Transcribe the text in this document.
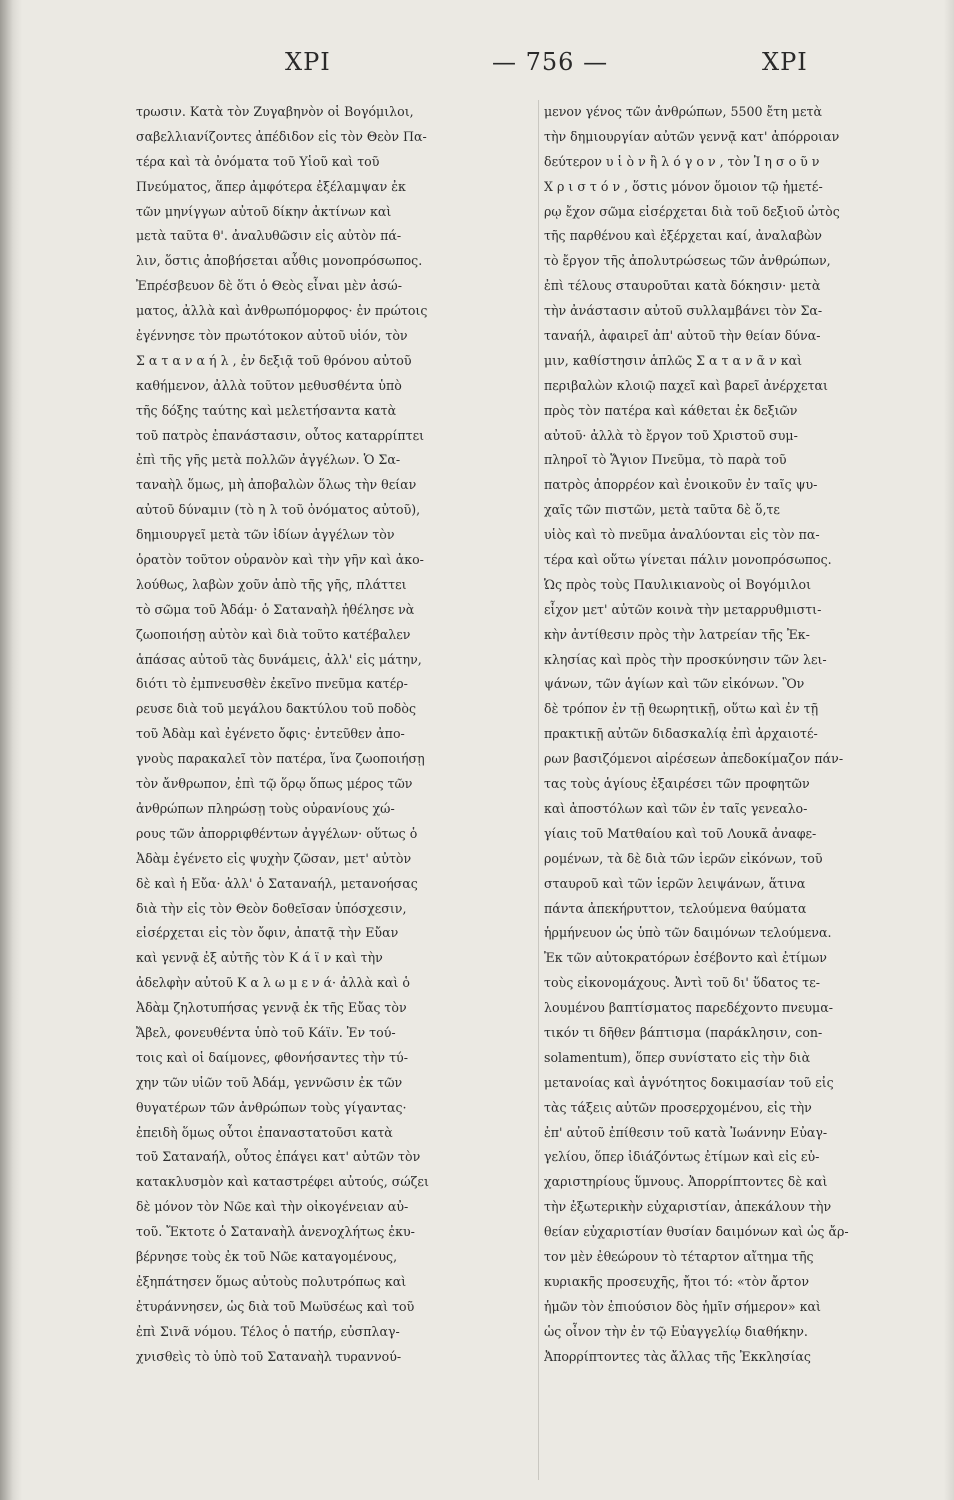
ΧΡΙ	— 756 —	ΧΡΙ
τρωσιν. Κατὰ τὸν Ζυγαβηνὸν οἱ Βογόμιλοι,
σαβελλιανίζοντες ἀπέδιδον εἰς τὸν Θεὸν Πα-
τέρα καὶ τὰ ὀνόματα τοῦ Υἱοῦ καὶ τοῦ
Πνεύματος, ἅπερ ἀμφότερα ἐξέλαμψαν ἐκ
τῶν μηνίγγων αὐτοῦ δίκην ἀκτίνων καὶ
μετὰ ταῦτα θ'. ἀναλυθῶσιν εἰς αὐτὸν πά-
λιν, ὅστις ἀποβήσεται αὖθις μονοπρόσωπος.
Ἐπρέσβευον δὲ ὅτι ὁ Θεὸς εἶναι μὲν ἀσώ-
ματος, ἀλλὰ καὶ ἀνθρωπόμορφος· ἐν πρώτοις
ἐγέννησε τὸν πρωτότοκον αὐτοῦ υἱόν, τὸν
Σ α τ α ν α ή λ , ἐν δεξιᾷ τοῦ θρόνου αὐτοῦ
καθήμενον, ἀλλὰ τοῦτον μεθυσθέντα ὑπὸ
τῆς δόξης ταύτης καὶ μελετήσαντα κατὰ
τοῦ πατρὸς ἐπανάστασιν, οὗτος καταρρίπτει
ἐπὶ τῆς γῆς μετὰ πολλῶν ἀγγέλων. Ὁ Σα-
ταναὴλ ὅμως, μὴ ἀποβαλὼν ὅλως τὴν θείαν
αὐτοῦ δύναμιν (τὸ η λ τοῦ ὀνόματος αὐτοῦ),
δημιουργεῖ μετὰ τῶν ἰδίων ἀγγέλων τὸν
ὁρατὸν τοῦτον οὐρανὸν καὶ τὴν γῆν καὶ ἀκο-
λούθως, λαβὼν χοῦν ἀπὸ τῆς γῆς, πλάττει
τὸ σῶμα τοῦ Ἀδάμ· ὁ Σαταναὴλ ἠθέλησε νὰ
ζωοποιήσῃ αὐτὸν καὶ διὰ τοῦτο κατέβαλεν
ἁπάσας αὐτοῦ τὰς δυνάμεις, ἀλλ' εἰς μάτην,
διότι τὸ ἐμπνευσθὲν ἐκεῖνο πνεῦμα κατέρ-
ρευσε διὰ τοῦ μεγάλου δακτύλου τοῦ ποδὸς
τοῦ Ἀδὰμ καὶ ἐγένετο ὄφις· ἐντεῦθεν ἀπο-
γνοὺς παρακαλεῖ τὸν πατέρα, ἵνα ζωοποιήσῃ
τὸν ἄνθρωπον, ἐπὶ τῷ ὅρῳ ὅπως μέρος τῶν
ἀνθρώπων πληρώσῃ τοὺς οὐρανίους χώ-
ρους τῶν ἀπορριφθέντων ἀγγέλων· οὕτως ὁ
Ἀδὰμ ἐγένετο εἰς ψυχὴν ζῶσαν, μετ' αὐτὸν
δὲ καὶ ἡ Εὔα· ἀλλ' ὁ Σαταναήλ, μετανοήσας
διὰ τὴν εἰς τὸν Θεὸν δοθεῖσαν ὑπόσχεσιν,
εἰσέρχεται εἰς τὸν ὄφιν, ἀπατᾷ τὴν Εὔαν
καὶ γεννᾷ ἐξ αὐτῆς τὸν Κ ά ϊ ν καὶ τὴν
ἀδελφὴν αὐτοῦ Κ α λ ω μ ε ν ά· ἀλλὰ καὶ ὁ
Ἀδὰμ ζηλοτυπήσας γεννᾷ ἐκ τῆς Εὔας τὸν
Ἄβελ, φονευθέντα ὑπὸ τοῦ Κάϊν. Ἐν τού-
τοις καὶ οἱ δαίμονες, φθονήσαντες τὴν τύ-
χην τῶν υἱῶν τοῦ Ἀδάμ, γεννῶσιν ἐκ τῶν
θυγατέρων τῶν ἀνθρώπων τοὺς γίγαντας·
ἐπειδὴ ὅμως οὗτοι ἐπαναστατοῦσι κατὰ
τοῦ Σαταναήλ, οὗτος ἐπάγει κατ' αὐτῶν τὸν
κατακλυσμὸν καὶ καταστρέφει αὐτούς, σώζει
δὲ μόνον τὸν Νῶε καὶ τὴν οἰκογένειαν αὐ-
τοῦ. Ἔκτοτε ὁ Σαταναὴλ ἀνενοχλήτως ἐκυ-
βέρνησε τοὺς ἐκ τοῦ Νῶε καταγομένους,
ἐξηπάτησεν ὅμως αὐτοὺς πολυτρόπως καὶ
ἐτυράννησεν, ὡς διὰ τοῦ Μωϋσέως καὶ τοῦ
ἐπὶ Σινᾶ νόμου. Τέλος ὁ πατήρ, εὐσπλαγ-
χνισθεὶς τὸ ὑπὸ τοῦ Σαταναὴλ τυραννού-
μενον γένος τῶν ἀνθρώπων, 5500 ἔτη μετὰ
τὴν δημιουργίαν αὐτῶν γεννᾷ κατ' ἀπόρροιαν
δεύτερον υ ἱ ὸ ν ἢ λ ό γ ο ν , τὸν Ἰ η σ ο ῦ ν
Χ ρ ι σ τ ό ν , ὅστις μόνον ὅμοιον τῷ ἡμετέ-
ρῳ ἔχον σῶμα εἰσέρχεται διὰ τοῦ δεξιοῦ ὠτὸς
τῆς παρθένου καὶ ἐξέρχεται καί, ἀναλαβὼν
τὸ ἔργον τῆς ἀπολυτρώσεως τῶν ἀνθρώπων,
ἐπὶ τέλους σταυροῦται κατὰ δόκησιν· μετὰ
τὴν ἀνάστασιν αὐτοῦ συλλαμβάνει τὸν Σα-
ταναήλ, ἀφαιρεῖ ἀπ' αὐτοῦ τὴν θείαν δύνα-
μιν, καθίστησιν ἁπλῶς Σ α τ α ν ᾶ ν καὶ
περιβαλὼν κλοιῷ παχεῖ καὶ βαρεῖ ἀνέρχεται
πρὸς τὸν πατέρα καὶ κάθεται ἐκ δεξιῶν
αὐτοῦ· ἀλλὰ τὸ ἔργον τοῦ Χριστοῦ συμ-
πληροῖ τὸ Ἅγιον Πνεῦμα, τὸ παρὰ τοῦ
πατρὸς ἀπορρέον καὶ ἐνοικοῦν ἐν ταῖς ψυ-
χαῖς τῶν πιστῶν, μετὰ ταῦτα δὲ ὅ,τε
υἱὸς καὶ τὸ πνεῦμα ἀναλύονται εἰς τὸν πα-
τέρα καὶ οὕτω γίνεται πάλιν μονοπρόσωπος.
Ὡς πρὸς τοὺς Παυλικιανοὺς οἱ Βογόμιλοι
εἶχον μετ' αὐτῶν κοινὰ τὴν μεταρρυθμιστι-
κὴν ἀντίθεσιν πρὸς τὴν λατρείαν τῆς Ἐκ-
κλησίας καὶ πρὸς τὴν προσκύνησιν τῶν λει-
ψάνων, τῶν ἁγίων καὶ τῶν εἰκόνων. Ὃν
δὲ τρόπον ἐν τῇ θεωρητικῇ, οὕτω καὶ ἐν τῇ
πρακτικῇ αὐτῶν διδασκαλίᾳ ἐπὶ ἀρχαιοτέ-
ρων βασιζόμενοι αἱρέσεων ἀπεδοκίμαζον πάν-
τας τοὺς ἁγίους ἐξαιρέσει τῶν προφητῶν
καὶ ἀποστόλων καὶ τῶν ἐν ταῖς γενεαλο-
γίαις τοῦ Ματθαίου καὶ τοῦ Λουκᾶ ἀναφε-
ρομένων, τὰ δὲ διὰ τῶν ἱερῶν εἰκόνων, τοῦ
σταυροῦ καὶ τῶν ἱερῶν λειψάνων, ἅτινα
πάντα ἀπεκήρυττον, τελούμενα θαύματα
ἡρμήνευον ὡς ὑπὸ τῶν δαιμόνων τελούμενα.
Ἐκ τῶν αὐτοκρατόρων ἐσέβοντο καὶ ἐτίμων
τοὺς εἰκονομάχους. Ἀντὶ τοῦ δι' ὕδατος τε-
λουμένου βαπτίσματος παρεδέχοντο πνευμα-
τικόν τι δῆθεν βάπτισμα (παράκλησιν, con-
solamentum), ὅπερ συνίστατο εἰς τὴν διὰ
μετανοίας καὶ ἁγνότητος δοκιμασίαν τοῦ εἰς
τὰς τάξεις αὐτῶν προσερχομένου, εἰς τὴν
ἐπ' αὐτοῦ ἐπίθεσιν τοῦ κατὰ Ἰωάννην Εὐαγ-
γελίου, ὅπερ ἰδιάζόντως ἐτίμων καὶ εἰς εὐ-
χαριστηρίους ὕμνους. Ἀπορρίπτοντες δὲ καὶ
τὴν ἐξωτερικὴν εὐχαριστίαν, ἀπεκάλουν τὴν
θείαν εὐχαριστίαν θυσίαν δαιμόνων καὶ ὡς ἄρ-
τον μὲν ἐθεώρουν τὸ τέταρτον αἴτημα τῆς
κυριακῆς προσευχῆς, ἤτοι τό: «τὸν ἄρτον
ἡμῶν τὸν ἐπιούσιον δὸς ἡμῖν σήμερον» καὶ
ὡς οἶνον τὴν ἐν τῷ Εὐαγγελίῳ διαθήκην.
Ἀπορρίπτοντες τὰς ἄλλας τῆς Ἐκκλησίας
